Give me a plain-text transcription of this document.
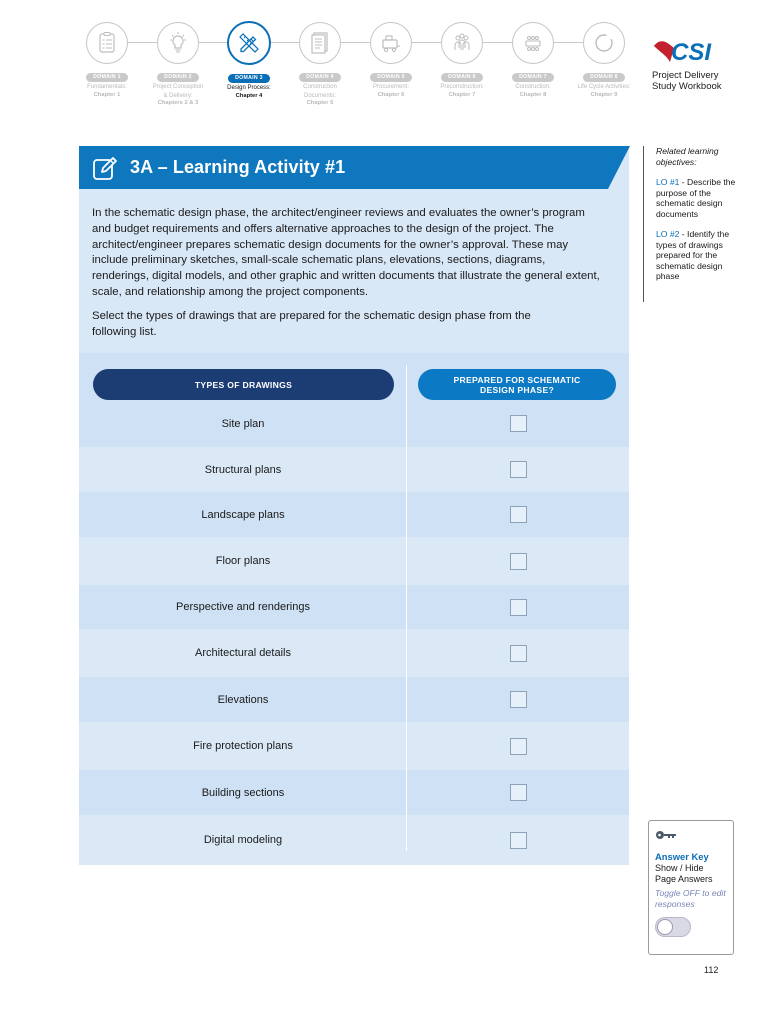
DOMAIN 1
Fundamentals:
Chapter 1
DOMAIN 2
Project Conception
& Delivery:
Chapters 2 & 3
DOMAIN 3
Design Process:
Chapter 4
DOMAIN 4
Construction
Documents:
Chapter 5
DOMAIN 5
Procurement:
Chapter 6
DOMAIN 6
Preconstruction:
Chapter 7
DOMAIN 7
Construction:
Chapter 8
DOMAIN 8
Life Cycle Activities:
Chapter 9
CSI
Project Delivery
Study Workbook
3A – Learning Activity #1

In the schematic design phase, the architect/engineer reviews and evaluates the owner’s program and budget requirements and offers alternative approaches to the design of the project. The architect/engineer prepares schematic design documents for the owner’s approval. These may include preliminary sketches, small-scale schematic plans, elevations, sections, diagrams, renderings, digital models, and other graphic and written documents that illustrate the general extent, scale, and relationship among the project components.

Select the types of drawings that are prepared for the schematic design phase from the following list.

TYPES OF DRAWINGS	PREPARED FOR SCHEMATIC DESIGN PHASE?
Site plan
Structural plans
Landscape plans
Floor plans
Perspective and renderings
Architectural details
Elevations
Fire protection plans
Building sections
Digital modeling
Related learning objectives:
LO #1 - Describe the purpose of the schematic design documents
LO #2 - Identify the types of drawings prepared for the schematic design phase
Answer Key
Show / Hide
Page Answers
Toggle OFF to edit responses
112
